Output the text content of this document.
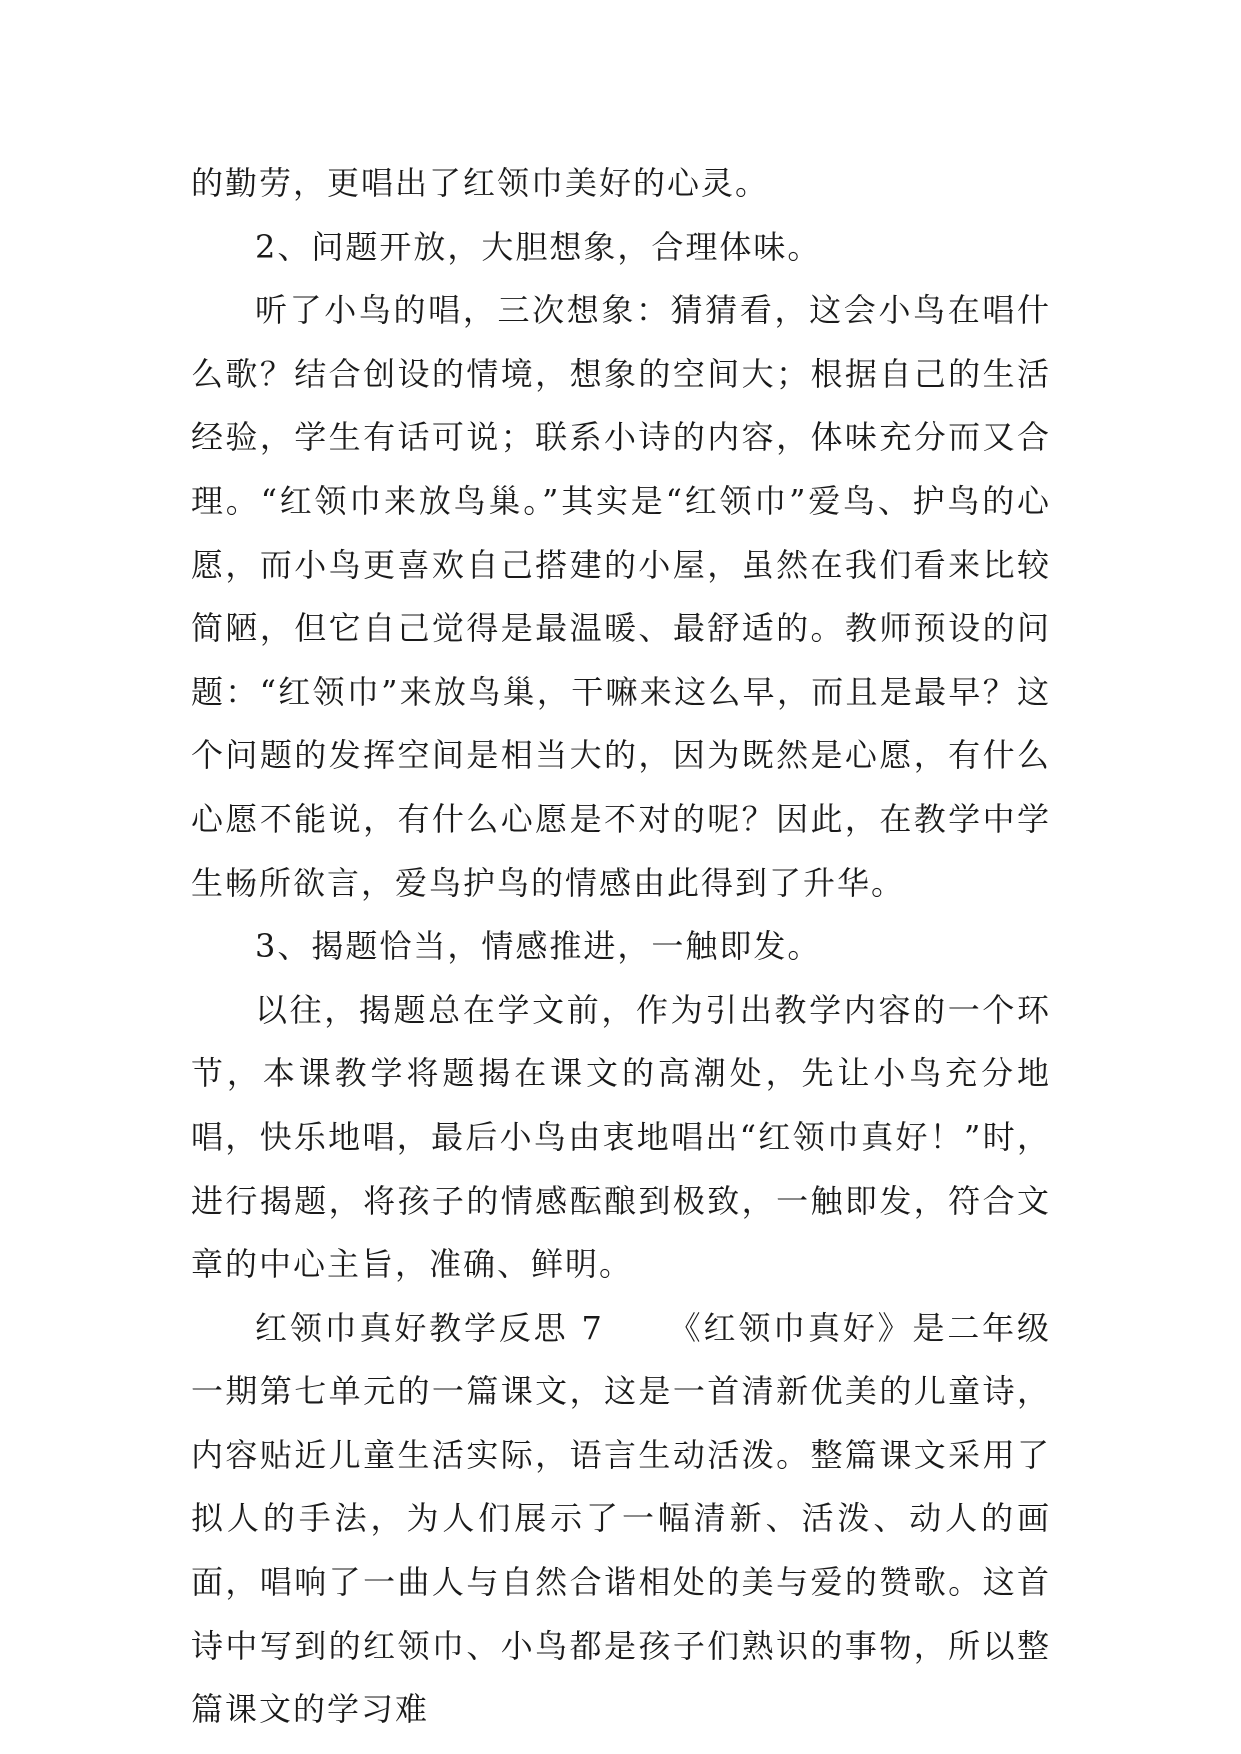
的勤劳，更唱出了红领巾美好的心灵。

2、问题开放，大胆想象，合理体味。

听了小鸟的唱，三次想象：猜猜看，这会小鸟在唱什么歌？结合创设的情境，想象的空间大；根据自己的生活经验，学生有话可说；联系小诗的内容，体味充分而又合理。“红领巾来放鸟巢。”其实是“红领巾”爱鸟、护鸟的心愿，而小鸟更喜欢自己搭建的小屋，虽然在我们看来比较简陋，但它自己觉得是最温暖、最舒适的。教师预设的问题：“红领巾”来放鸟巢，干嘛来这么早，而且是最早？这个问题的发挥空间是相当大的，因为既然是心愿，有什么心愿不能说，有什么心愿是不对的呢？因此，在教学中学生畅所欲言，爱鸟护鸟的情感由此得到了升华。

3、揭题恰当，情感推进，一触即发。

以往，揭题总在学文前，作为引出教学内容的一个环节，本课教学将题揭在课文的高潮处，先让小鸟充分地唱，快乐地唱，最后小鸟由衷地唱出“红领巾真好！”时，进行揭题，将孩子的情感酝酿到极致，一触即发，符合文章的中心主旨，准确、鲜明。

红领巾真好教学反思 7 《红领巾真好》是二年级一期第七单元的一篇课文，这是一首清新优美的儿童诗，内容贴近儿童生活实际，语言生动活泼。整篇课文采用了拟人的手法，为人们展示了一幅清新、活泼、动人的画面，唱响了一曲人与自然合谐相处的美与爱的赞歌。这首诗中写到的红领巾、小鸟都是孩子们熟识的事物，所以整篇课文的学习难
